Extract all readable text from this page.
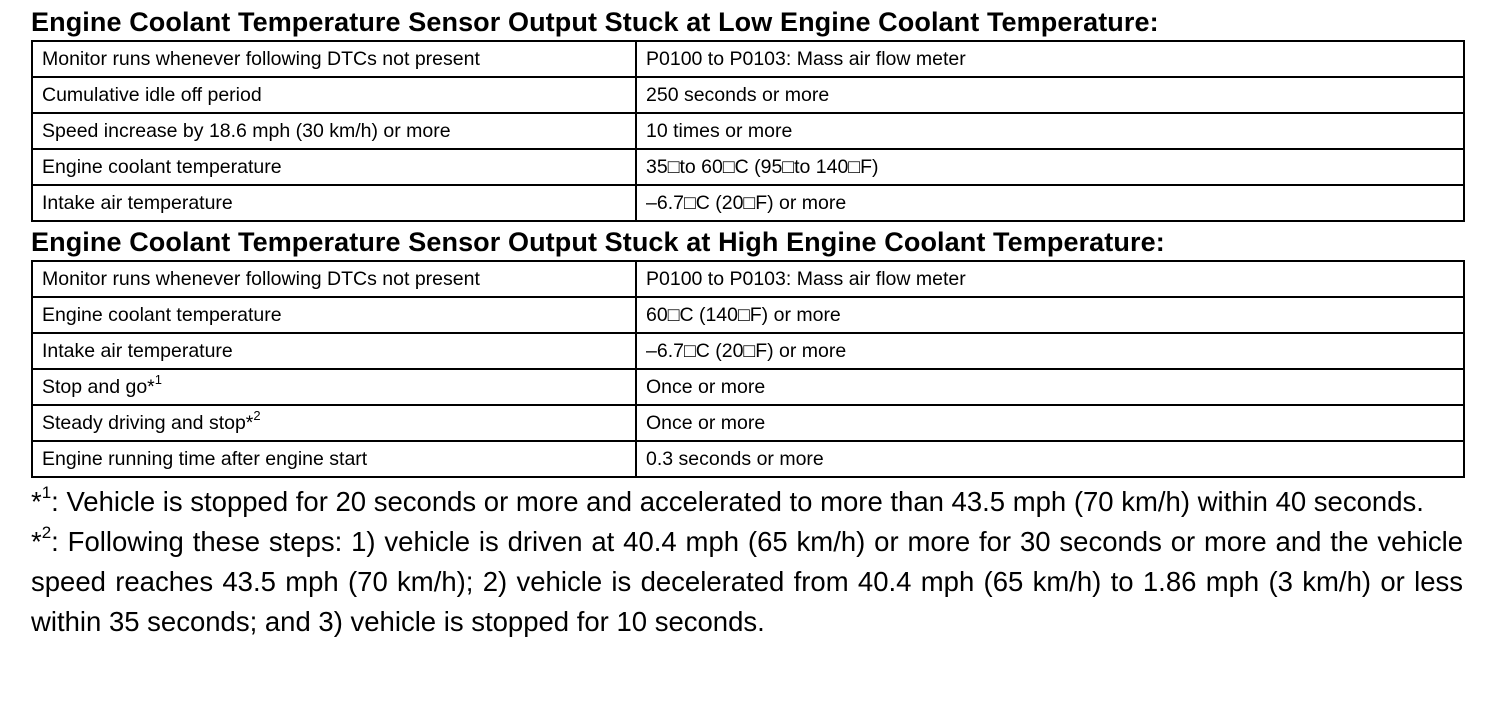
Engine Coolant Temperature Sensor Output Stuck at Low Engine Coolant Temperature:
Monitor runs whenever following DTCs not present	P0100 to P0103: Mass air flow meter
Cumulative idle off period	250 seconds or more
Speed increase by 18.6 mph (30 km/h) or more	10 times or more
Engine coolant temperature	35□to 60□C (95□to 140□F)
Intake air temperature	–6.7□C (20□F) or more
Engine Coolant Temperature Sensor Output Stuck at High Engine Coolant Temperature:
Monitor runs whenever following DTCs not present	P0100 to P0103: Mass air flow meter
Engine coolant temperature	60□C (140□F) or more
Intake air temperature	–6.7□C (20□F) or more
Stop and go*$^1$	Once or more
Steady driving and stop*$^2$	Once or more
Engine running time after engine start	0.3 seconds or more

*$^1$: Vehicle is stopped for 20 seconds or more and accelerated to more than 43.5 mph (70 km/h) within 40 seconds.

*$^2$: Following these steps: 1) vehicle is driven at 40.4 mph (65 km/h) or more for 30 seconds or more and the vehicle speed reaches 43.5 mph (70 km/h); 2) vehicle is decelerated from 40.4 mph (65 km/h) to 1.86 mph (3 km/h) or less within 35 seconds; and 3) vehicle is stopped for 10 seconds.
